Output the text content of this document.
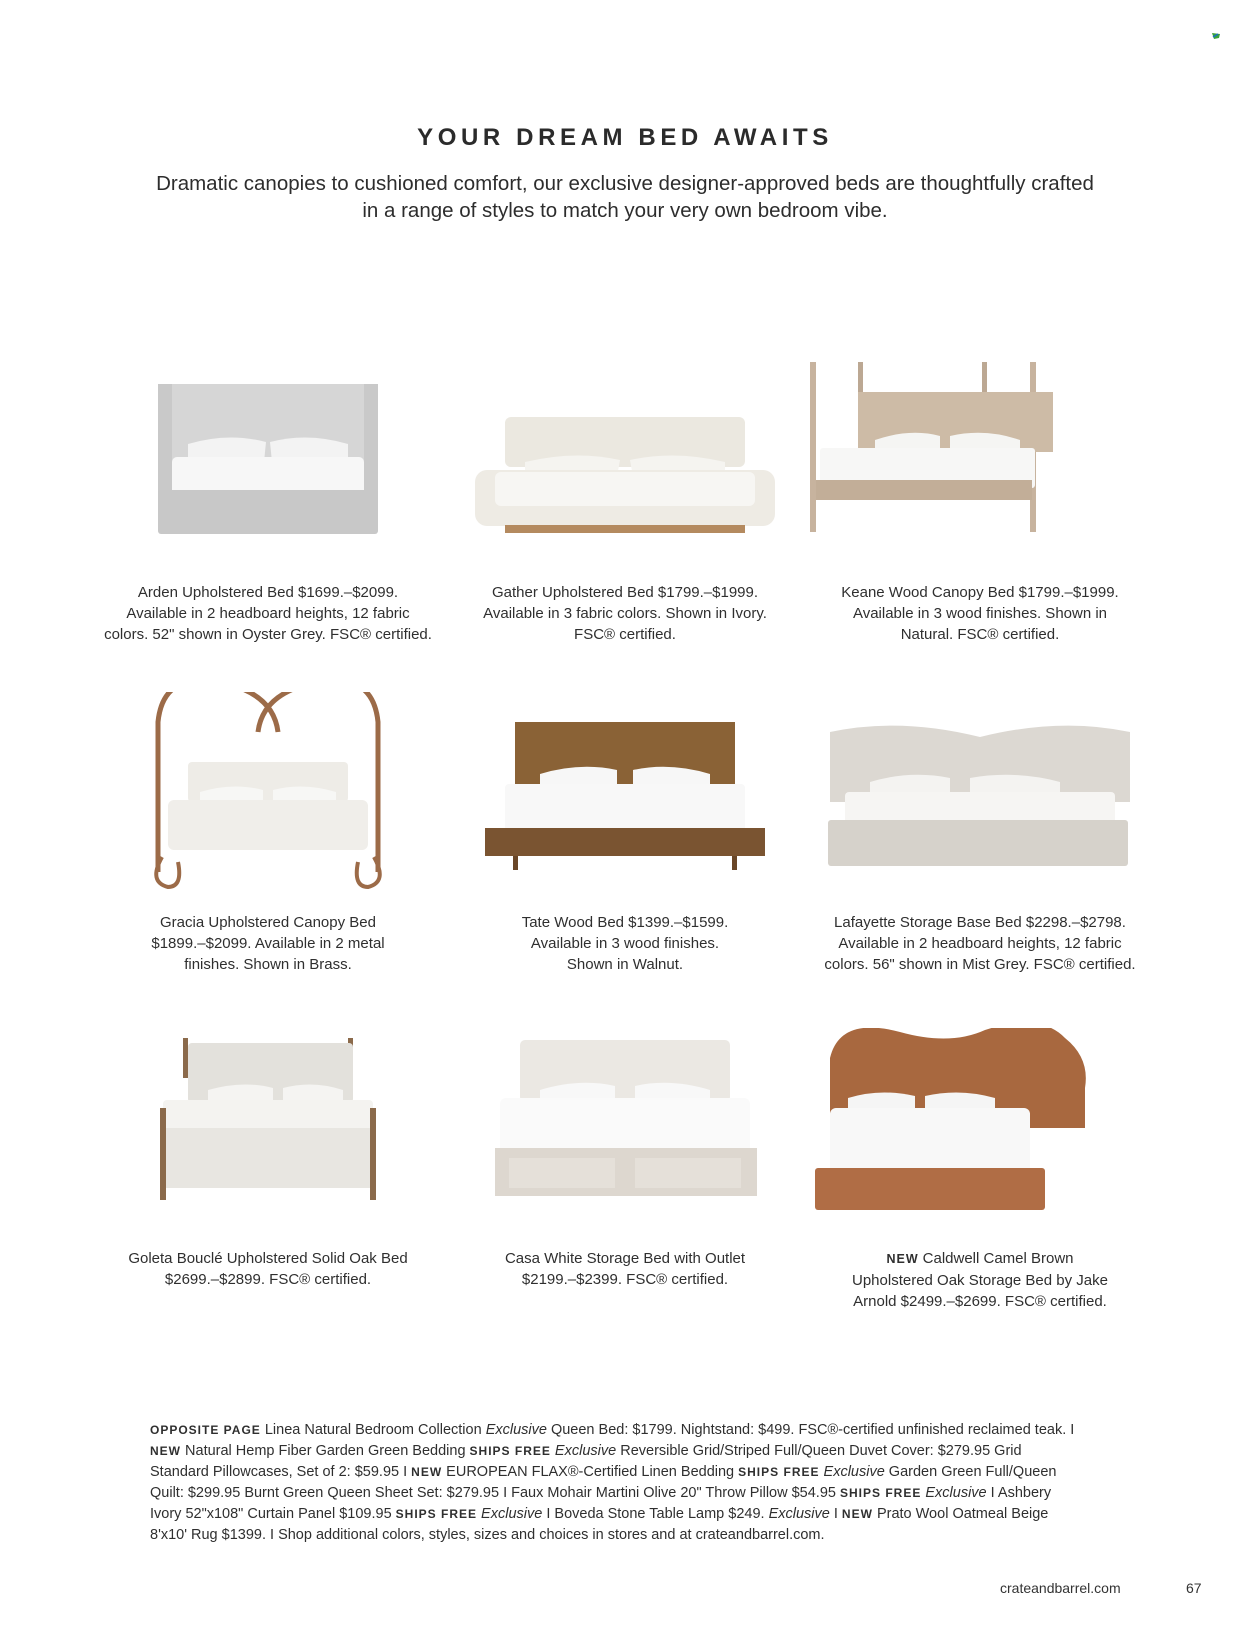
YOUR DREAM BED AWAITS
Dramatic canopies to cushioned comfort, our exclusive designer-approved beds are thoughtfully crafted
in a range of styles to match your very own bedroom vibe.

Arden Upholstered Bed $1699.–$2099.
Available in 2 headboard heights, 12 fabric
colors. 52" shown in Oyster Grey. FSC® certified.

Gather Upholstered Bed $1799.–$1999.
Available in 3 fabric colors. Shown in Ivory.
FSC® certified.

Keane Wood Canopy Bed $1799.–$1999.
Available in 3 wood finishes. Shown in
Natural. FSC® certified.

Gracia Upholstered Canopy Bed
$1899.–$2099. Available in 2 metal
finishes. Shown in Brass.

Tate Wood Bed $1399.–$1599.
Available in 3 wood finishes.
Shown in Walnut.

Lafayette Storage Base Bed $2298.–$2798.
Available in 2 headboard heights, 12 fabric
colors. 56" shown in Mist Grey. FSC® certified.

Goleta Bouclé Upholstered Solid Oak Bed
$2699.–$2899. FSC® certified.

Casa White Storage Bed with Outlet
$2199.–$2399. FSC® certified.

NEW Caldwell Camel Brown
Upholstered Oak Storage Bed by Jake
Arnold $2499.–$2699. FSC® certified.

OPPOSITE PAGE Linea Natural Bedroom Collection Exclusive Queen Bed: $1799. Nightstand: $499. FSC®-certified unfinished reclaimed teak. I
NEW Natural Hemp Fiber Garden Green Bedding SHIPS FREE Exclusive Reversible Grid/Striped Full/Queen Duvet Cover: $279.95 Grid
Standard Pillowcases, Set of 2: $59.95 I NEW EUROPEAN FLAX®-Certified Linen Bedding SHIPS FREE Exclusive Garden Green Full/Queen
Quilt: $299.95 Burnt Green Queen Sheet Set: $279.95 I Faux Mohair Martini Olive 20" Throw Pillow $54.95 SHIPS FREE Exclusive I Ashbery
Ivory 52"x108" Curtain Panel $109.95 SHIPS FREE Exclusive I Boveda Stone Table Lamp $249. Exclusive I NEW Prato Wool Oatmeal Beige
8'x10' Rug $1399. I Shop additional colors, styles, sizes and choices in stores and at crateandbarrel.com.
crateandbarrel.com	67
